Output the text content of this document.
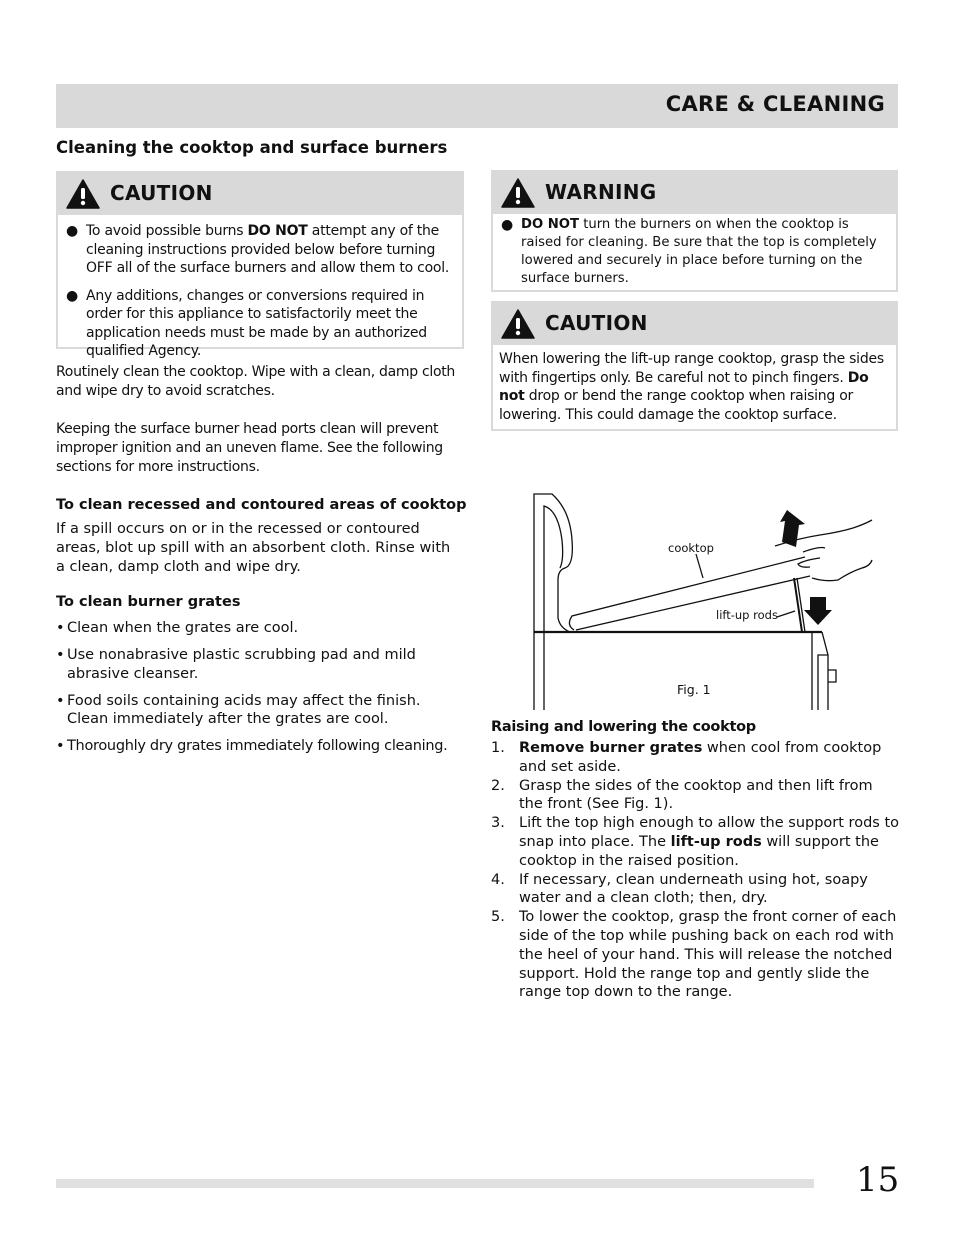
CARE & CLEANING
Cleaning the cooktop and surface burners
CAUTION
● To avoid possible burns DO NOT attempt any of the cleaning instructions provided below before turning OFF all of the surface burners and allow them to cool.
● Any additions, changes or conversions required in order for this appliance to satisfactorily meet the application needs must be made by an authorized qualified Agency.
WARNING
● DO NOT turn the burners on when the cooktop is raised for cleaning. Be sure that the top is completely lowered and securely in place before turning on the surface burners.
CAUTION
When lowering the lift-up range cooktop, grasp the sides with fingertips only. Be careful not to pinch fingers. Do not drop or bend the range cooktop when raising or lowering. This could damage the cooktop surface.
Routinely clean the cooktop. Wipe with a clean, damp cloth and wipe dry to avoid scratches.
Keeping the surface burner head ports clean will prevent improper ignition and an uneven flame. See the following sections for more instructions.
To clean recessed and contoured areas of cooktop
If a spill occurs on or in the recessed or contoured areas, blot up spill with an absorbent cloth. Rinse with a clean, damp cloth and wipe dry.
To clean burner grates
• Clean when the grates are cool.
• Use nonabrasive plastic scrubbing pad and mild abrasive cleanser.
• Food soils containing acids may affect the finish. Clean immediately after the grates are cool.
• Thoroughly dry grates immediately following cleaning.
cooktop
lift-up rods
Fig. 1
Raising and lowering the cooktop
1. Remove burner grates when cool from cooktop and set aside.
2. Grasp the sides of the cooktop and then lift from the front (See Fig. 1).
3. Lift the top high enough to allow the support rods to snap into place. The lift-up rods will support the cooktop in the raised position.
4. If necessary, clean underneath using hot, soapy water and a clean cloth; then, dry.
5. To lower the cooktop, grasp the front corner of each side of the top while pushing back on each rod with the heel of your hand. This will release the notched support. Hold the range top and gently slide the range top down to the range.
15
